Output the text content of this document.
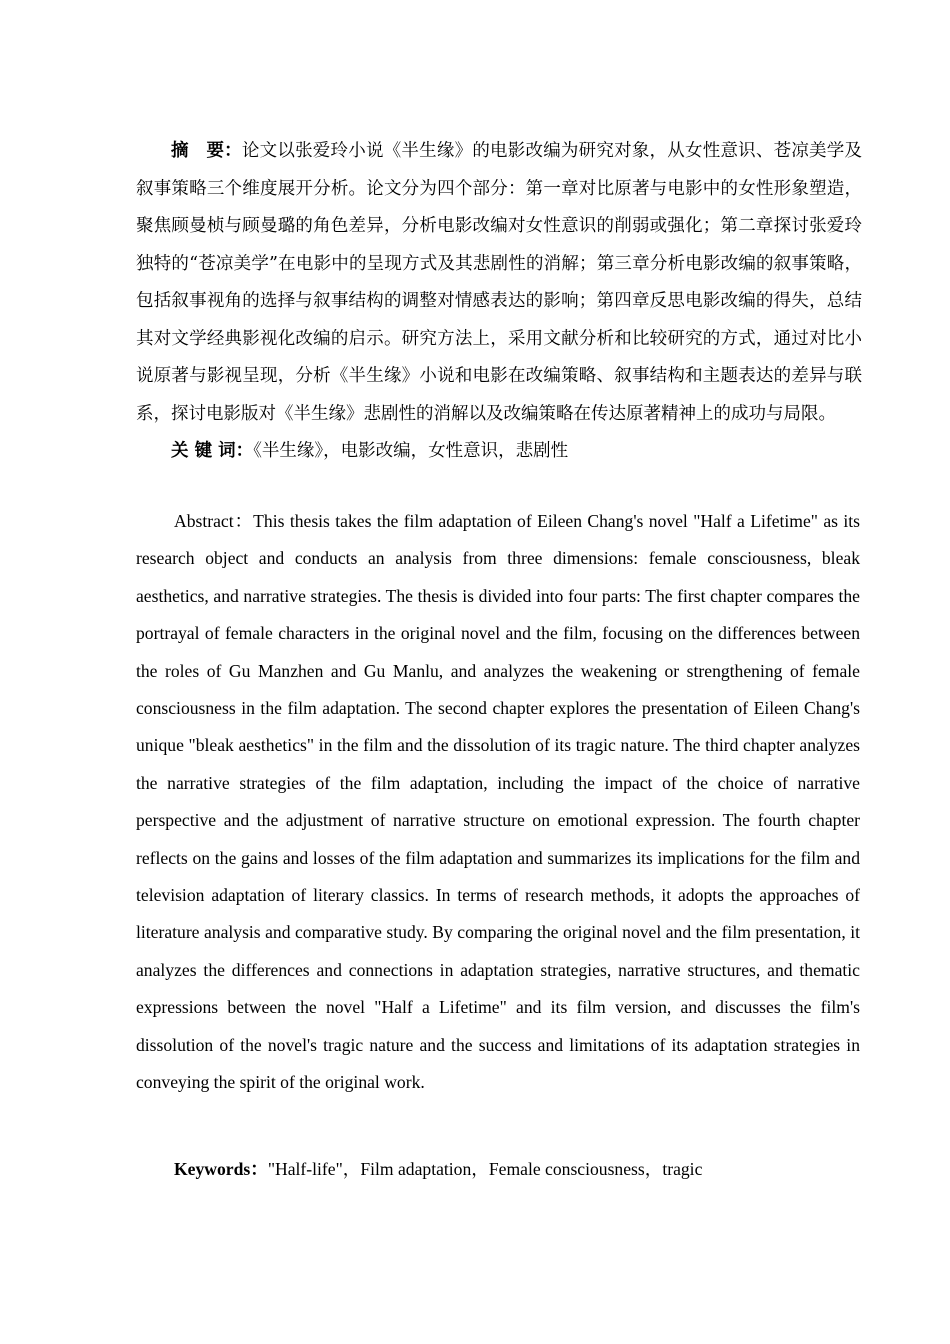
摘　要：论文以张爱玲小说《半生缘》的电影改编为研究对象，从女性意识、苍凉美学及叙事策略三个维度展开分析。论文分为四个部分：第一章对比原著与电影中的女性形象塑造，聚焦顾曼桢与顾曼璐的角色差异，分析电影改编对女性意识的削弱或强化；第二章探讨张爱玲独特的“苍凉美学”在电影中的呈现方式及其悲剧性的消解；第三章分析电影改编的叙事策略，包括叙事视角的选择与叙事结构的调整对情感表达的影响；第四章反思电影改编的得失，总结其对文学经典影视化改编的启示。研究方法上，采用文献分析和比较研究的方式，通过对比小说原著与影视呈现，分析《半生缘》小说和电影在改编策略、叙事结构和主题表达的差异与联系，探讨电影版对《半生缘》悲剧性的消解以及改编策略在传达原著精神上的成功与局限。

关 键 词：《半生缘》，电影改编，女性意识，悲剧性

Abstract：This thesis takes the film adaptation of Eileen Chang's novel "Half a Lifetime" as its research object and conducts an analysis from three dimensions: female consciousness, bleak aesthetics, and narrative strategies. The thesis is divided into four parts: The first chapter compares the portrayal of female characters in the original novel and the film, focusing on the differences between the roles of Gu Manzhen and Gu Manlu, and analyzes the weakening or strengthening of female consciousness in the film adaptation. The second chapter explores the presentation of Eileen Chang's unique "bleak aesthetics" in the film and the dissolution of its tragic nature. The third chapter analyzes the narrative strategies of the film adaptation, including the impact of the choice of narrative perspective and the adjustment of narrative structure on emotional expression. The fourth chapter reflects on the gains and losses of the film adaptation and summarizes its implications for the film and television adaptation of literary classics. In terms of research methods, it adopts the approaches of literature analysis and comparative study. By comparing the original novel and the film presentation, it analyzes the differences and connections in adaptation strategies, narrative structures, and thematic expressions between the novel "Half a Lifetime" and its film version, and discusses the film's dissolution of the novel's tragic nature and the success and limitations of its adaptation strategies in conveying the spirit of the original work.

Keywords："Half-life"，Film adaptation，Female consciousness，tragic
